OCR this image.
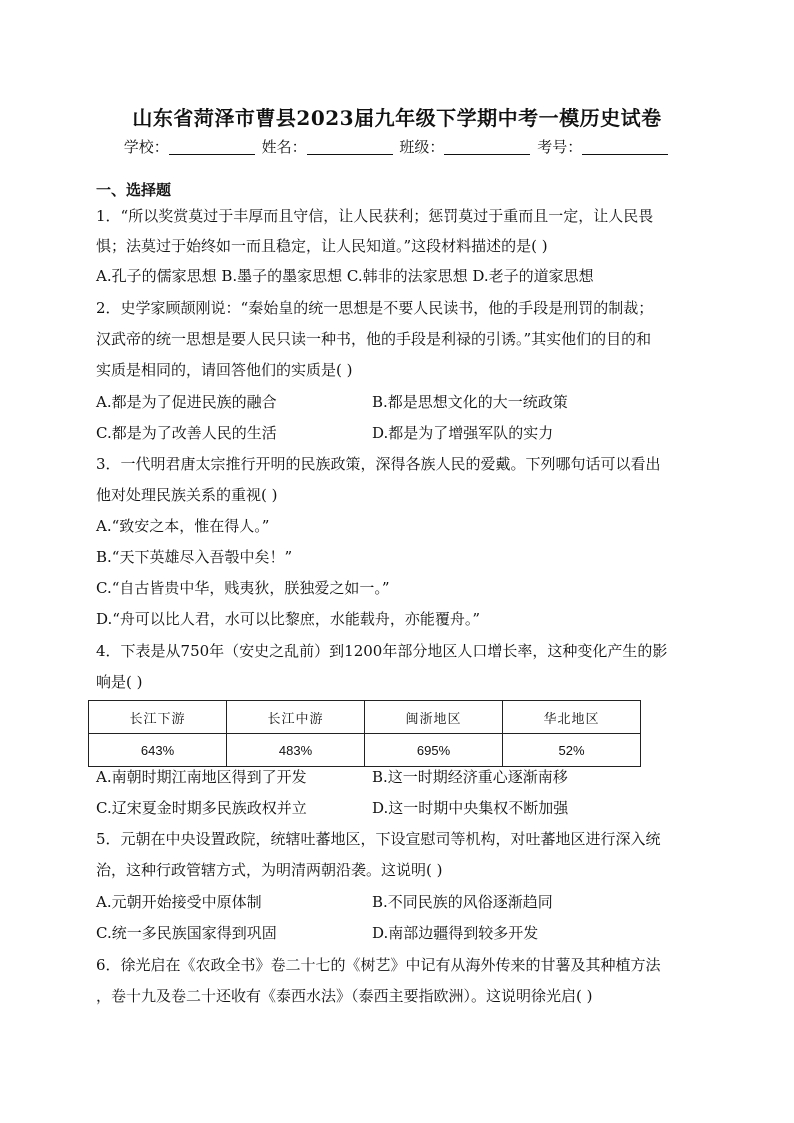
山东省菏泽市曹县2023届九年级下学期中考一模历史试卷
学校：	姓名：	班级：	考号：
一、选择题
1．“所以奖赏莫过于丰厚而且守信，让人民获利；惩罚莫过于重而且一定，让人民畏
惧；法莫过于始终如一而且稳定，让人民知道。”这段材料描述的是( )
A.孔子的儒家思想 B.墨子的墨家思想 C.韩非的法家思想 D.老子的道家思想
2．史学家顾颉刚说：“秦始皇的统一思想是不要人民读书，他的手段是刑罚的制裁；
汉武帝的统一思想是要人民只读一种书，他的手段是利禄的引诱。”其实他们的目的和
实质是相同的，请回答他们的实质是( )
A.都是为了促进民族的融合	B.都是思想文化的大一统政策
C.都是为了改善人民的生活	D.都是为了增强军队的实力
3．一代明君唐太宗推行开明的民族政策，深得各族人民的爱戴。下列哪句话可以看出
他对处理民族关系的重视( )
A.“致安之本，惟在得人。”
B.“天下英雄尽入吾彀中矣！”
C.“自古皆贵中华，贱夷狄，朕独爱之如一。”
D.“舟可以比人君，水可以比黎庶，水能载舟，亦能覆舟。”
4．下表是从750年（安史之乱前）到1200年部分地区人口增长率，这种变化产生的影
响是( )
长江下游	长江中游	闽浙地区	华北地区
643%	483%	695%	52%
A.南朝时期江南地区得到了开发	B.这一时期经济重心逐渐南移
C.辽宋夏金时期多民族政权并立	D.这一时期中央集权不断加强
5．元朝在中央设置政院，统辖吐蕃地区，下设宣慰司等机构，对吐蕃地区进行深入统
治，这种行政管辖方式，为明清两朝沿袭。这说明( )
A.元朝开始接受中原体制	B.不同民族的风俗逐渐趋同
C.统一多民族国家得到巩固	D.南部边疆得到较多开发
6．徐光启在《农政全书》卷二十七的《树艺》中记有从海外传来的甘薯及其种植方法
，卷十九及卷二十还收有《泰西水法》（泰西主要指欧洲）。这说明徐光启( )
